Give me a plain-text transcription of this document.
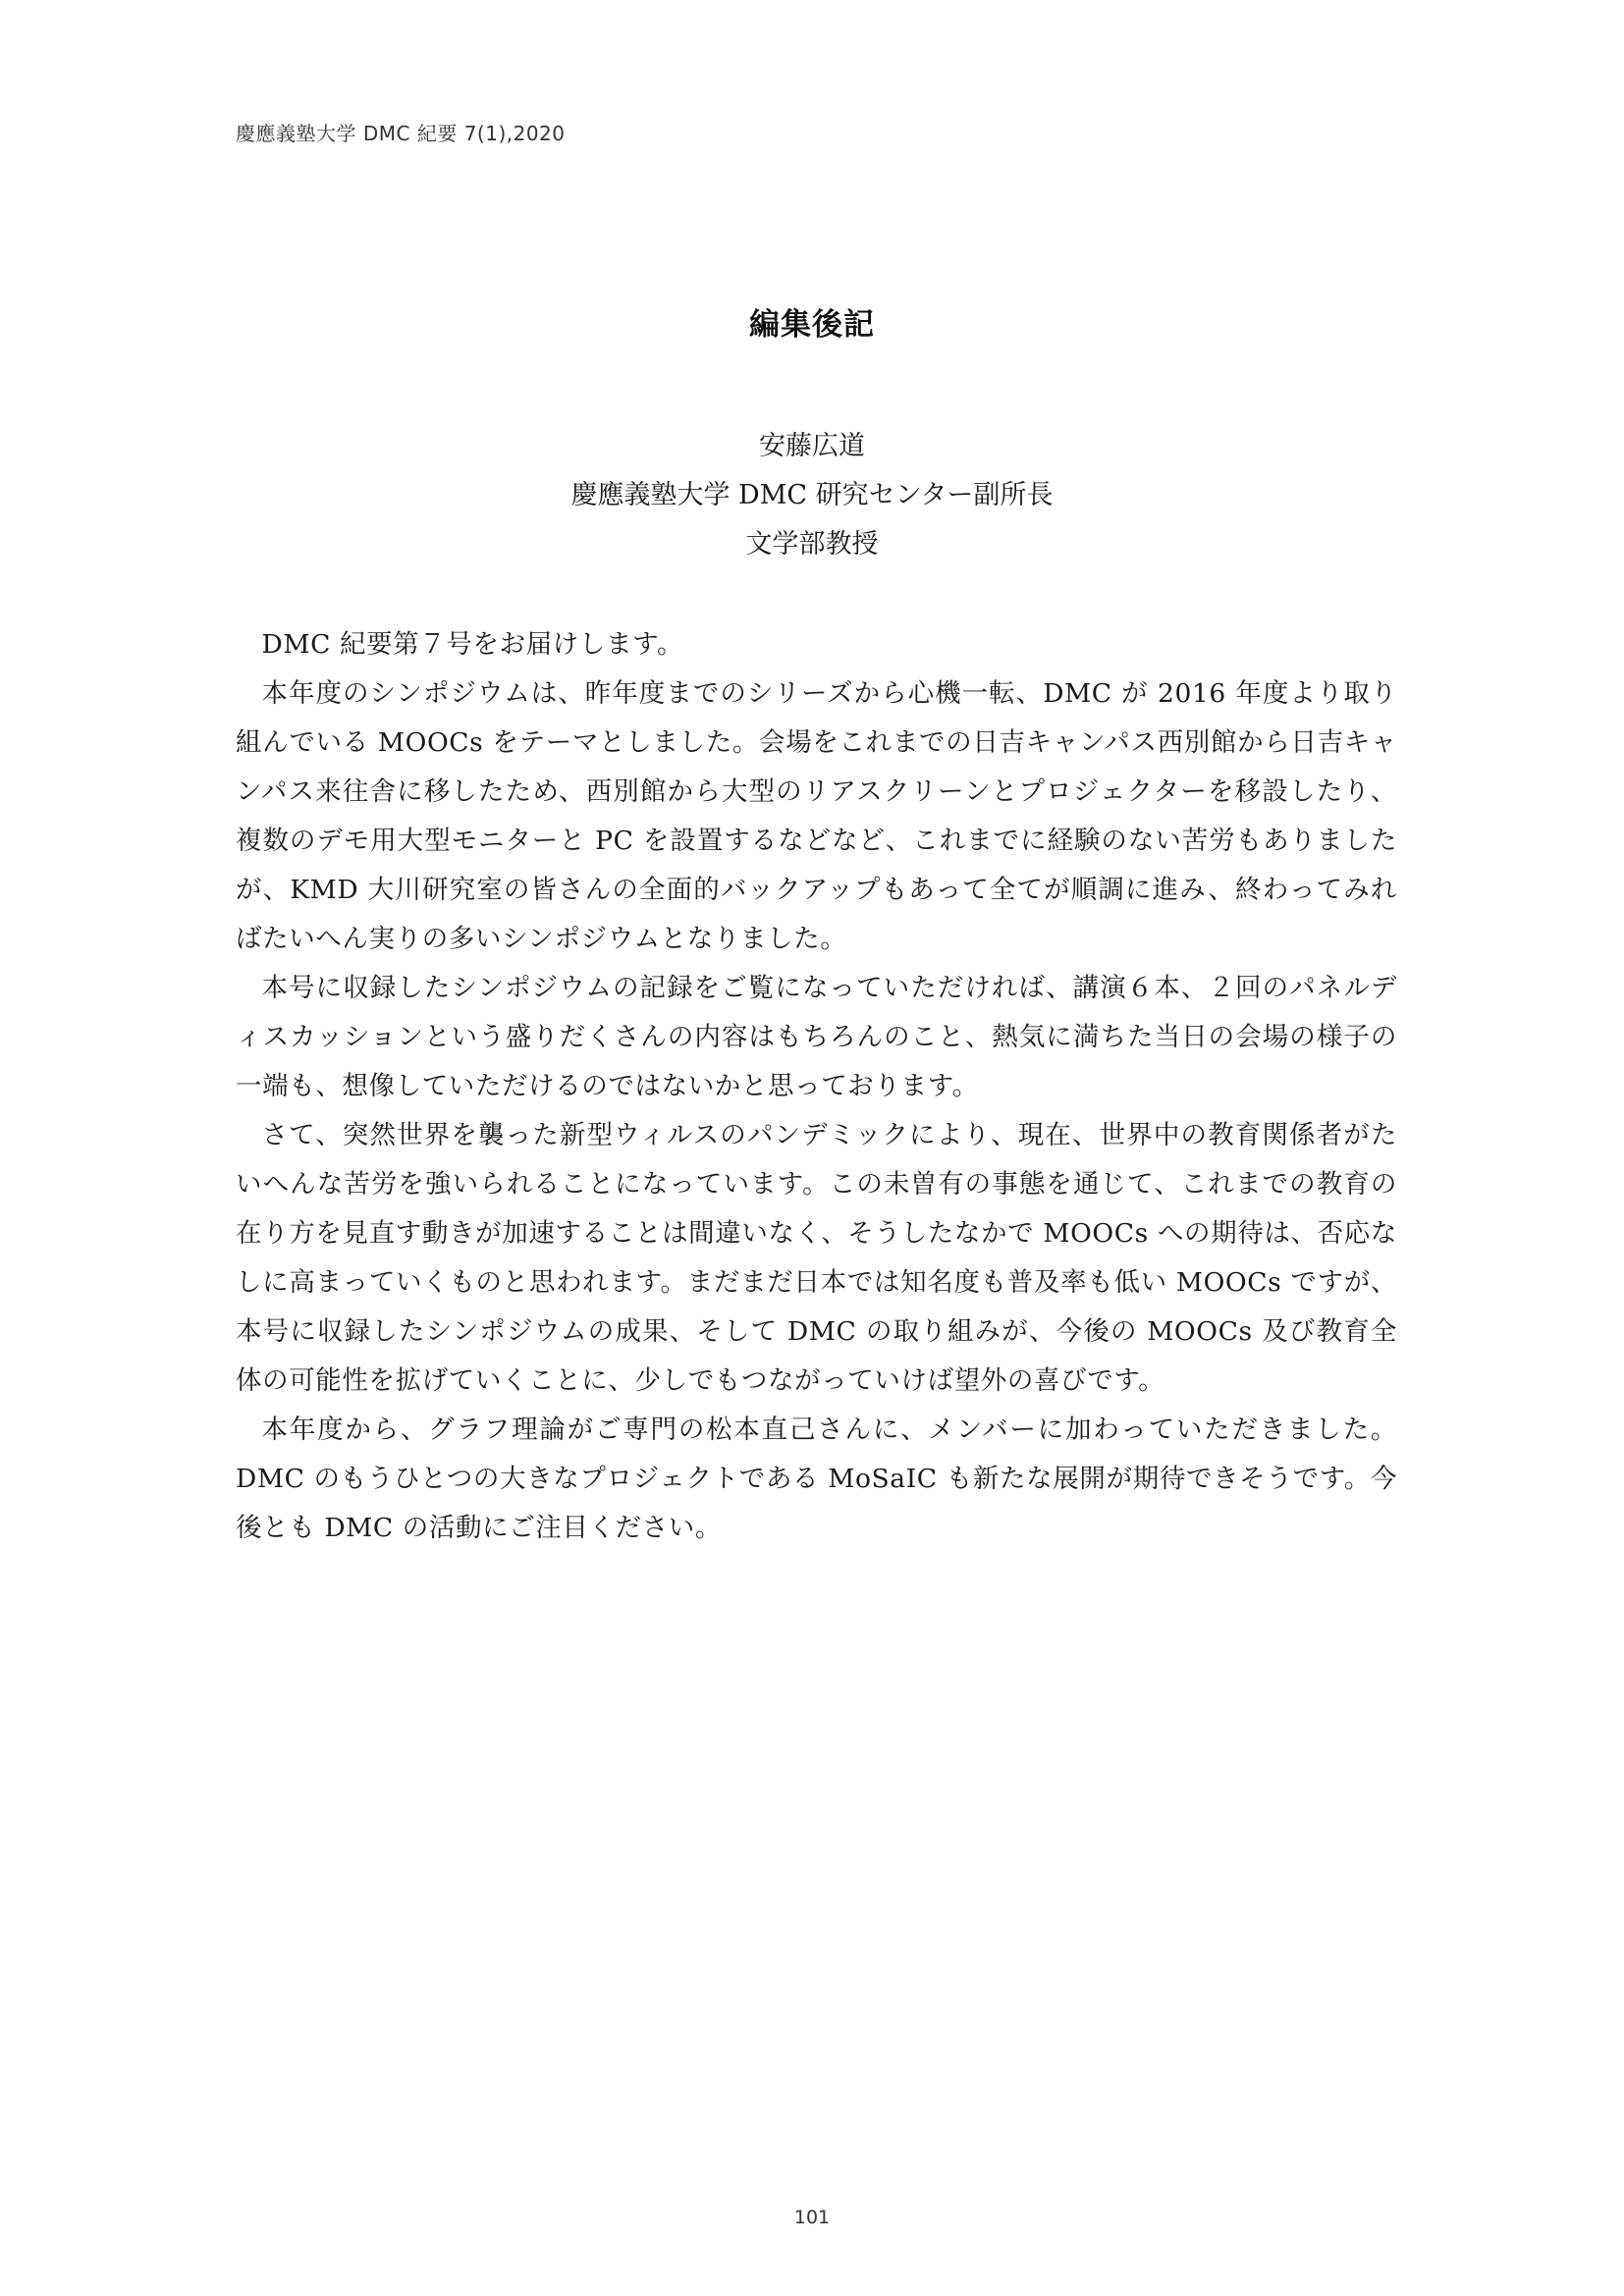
慶應義塾大学 DMC 紀要 7(1),2020
編集後記
安藤広道
慶應義塾大学 DMC 研究センター副所長
文学部教授

DMC 紀要第７号をお届けします。

本年度のシンポジウムは、昨年度までのシリーズから心機一転、DMC が 2016 年度より取り組んでいる MOOCs をテーマとしました。会場をこれまでの日吉キャンパス西別館から日吉キャンパス来往舎に移したため、西別館から大型のリアスクリーンとプロジェクターを移設したり、複数のデモ用大型モニターと PC を設置するなどなど、これまでに経験のない苦労もありましたが、KMD 大川研究室の皆さんの全面的バックアップもあって全てが順調に進み、終わってみればたいへん実りの多いシンポジウムとなりました。

本号に収録したシンポジウムの記録をご覧になっていただければ、講演６本、２回のパネルディスカッションという盛りだくさんの内容はもちろんのこと、熱気に満ちた当日の会場の様子の一端も、想像していただけるのではないかと思っております。

さて、突然世界を襲った新型ウィルスのパンデミックにより、現在、世界中の教育関係者がたいへんな苦労を強いられることになっています。この未曽有の事態を通じて、これまでの教育の在り方を見直す動きが加速することは間違いなく、そうしたなかで MOOCs への期待は、否応なしに高まっていくものと思われます。まだまだ日本では知名度も普及率も低い MOOCs ですが、本号に収録したシンポジウムの成果、そして DMC の取り組みが、今後の MOOCs 及び教育全体の可能性を拡げていくことに、少しでもつながっていけば望外の喜びです。

本年度から、グラフ理論がご専門の松本直己さんに、メンバーに加わっていただきました。DMC のもうひとつの大きなプロジェクトである MoSaIC も新たな展開が期待できそうです。今後とも DMC の活動にご注目ください。

101
